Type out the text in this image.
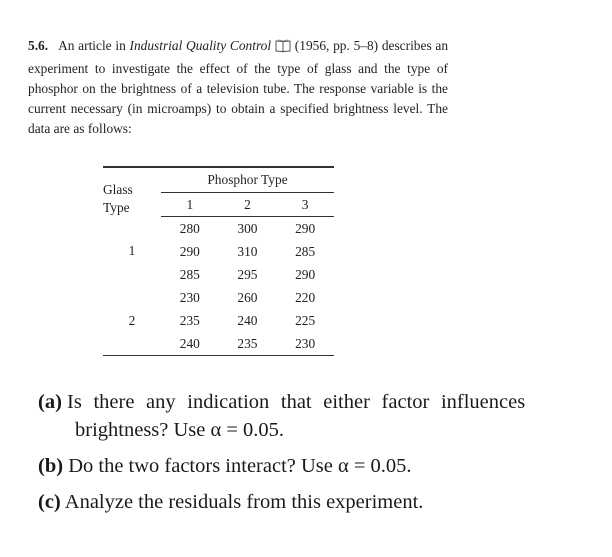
5.6. An article in Industrial Quality Control (1956, pp. 5–8) describes an experiment to investigate the effect of the type of glass and the type of phosphor on the brightness of a television tube. The response variable is the current necessary (in microamps) to obtain a specified brightness level. The data are as follows:
Glass
Type	Phosphor Type		
	1	2	3
1	280	300	290
	290	310	285
	285	295	290
2	230	260	220
	235	240	225
	240	235	230
(a) Is there any indication that either factor influences
brightness? Use α = 0.05.
(b) Do the two factors interact? Use α = 0.05.
(c) Analyze the residuals from this experiment.
